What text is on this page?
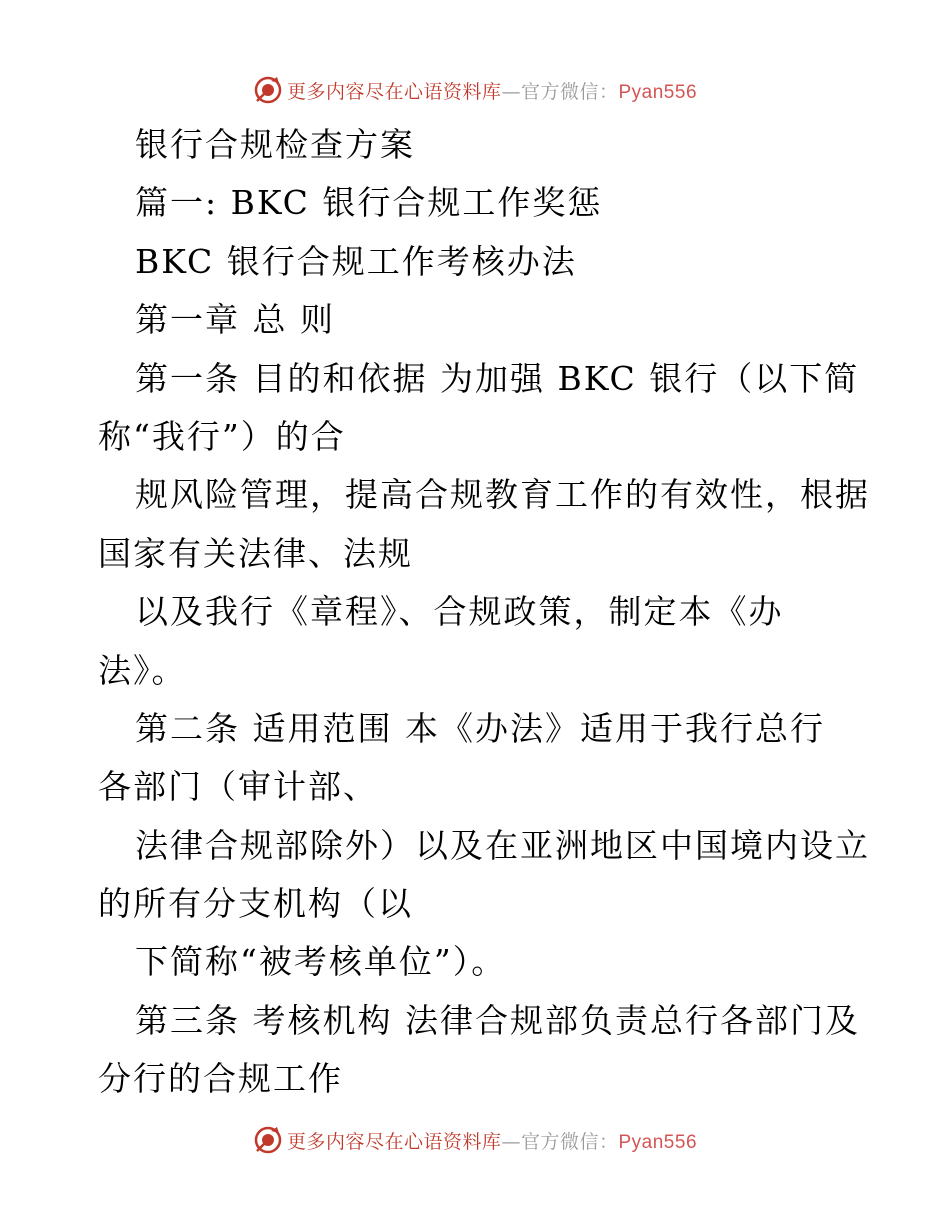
更多内容尽在心语资料库—官方微信：Pyan556
银行合规检查方案
篇一: BKC 银行合规工作奖惩
BKC 银行合规工作考核办法
第一章 总 则
第一条 目的和依据 为加强 BKC 银行（以下简
称“我行”）的合
规风险管理，提高合规教育工作的有效性，根据
国家有关法律、法规
以及我行《章程》、合规政策，制定本《办
法》。
第二条 适用范围 本《办法》适用于我行总行
各部门（审计部、
法律合规部除外）以及在亚洲地区中国境内设立
的所有分支机构（以
下简称“被考核单位”）。
第三条 考核机构 法律合规部负责总行各部门及
分行的合规工作
更多内容尽在心语资料库—官方微信：Pyan556
